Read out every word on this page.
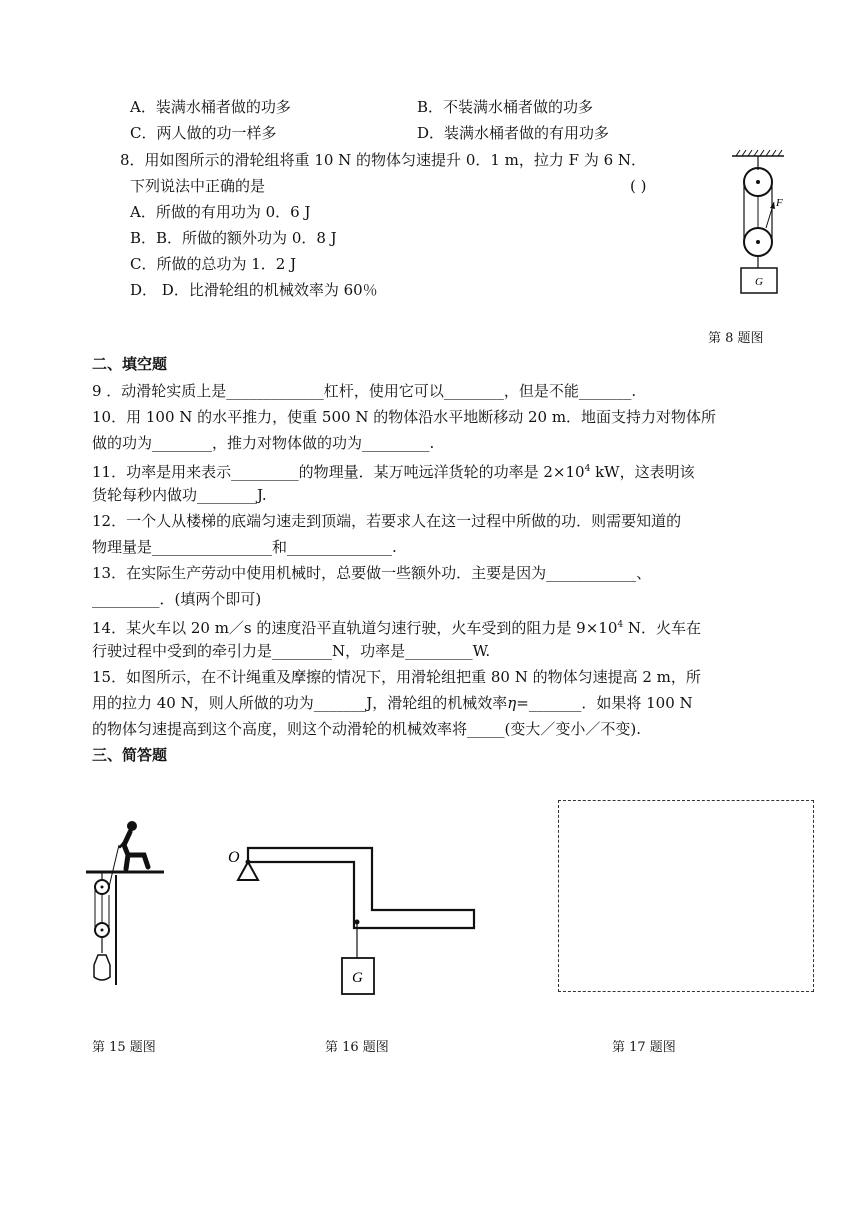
A．装满水桶者做的功多	B．不装满水桶者做的功多
C．两人做的功一样多	D．装满水桶者做的有用功多
8．用如图所示的滑轮组将重 10 N 的物体匀速提升 0．1 m，拉力 F 为 6 N．
下列说法中正确的是	( )
A．所做的有用功为 0．6 J
B．B．所做的额外功为 0．8 J
C．所做的总功为 1．2 J
D． D．比滑轮组的机械效率为 60％
F
G
第 8 题图
二、填空题
9 ．动滑轮实质上是_____________杠杆，使用它可以________，但是不能_______.
10．用 100 N 的水平推力，使重 500 N 的物体沿水平地断移动 20 m．地面支持力对物体所
做的功为________，推力对物体做的功为_________.
11．功率是用来表示_________的物理量．某万吨远洋货轮的功率是 $2\times 10^4$ kW，这表明该
货轮每秒内做功________J.
12．一个人从楼梯的底端匀速走到顶端，若要求人在这一过程中所做的功．则需要知道的
物理量是________________和______________.
13．在实际生产劳动中使用机械时，总要做一些额外功．主要是因为____________、
_________．(填两个即可)
14．某火车以 20 m／s 的速度沿平直轨道匀速行驶，火车受到的阻力是 $9\times 10^4$ N．火车在
行驶过程中受到的牵引力是________N，功率是_________W.
15．如图所示，在不计绳重及摩擦的情况下，用滑轮组把重 80 N 的物体匀速提高 2 m，所
用的拉力 40 N，则人所做的功为_______J，滑轮组的机械效率η=_______．如果将 100 N
的物体匀速提高到这个高度，则这个动滑轮的机械效率将_____(变大／变小／不变).
三、简答题
第 15 题图
O
G
第 16 题图	第 17 题图
